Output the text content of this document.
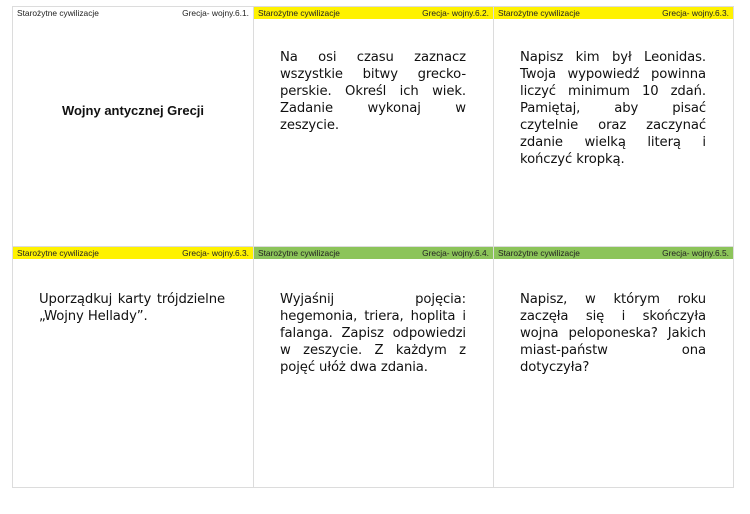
Starożytne cywilizacje	Grecja- wojny.6.1.
Wojny antycznej Grecji
Starożytne cywilizacje	Grecja- wojny.6.2.
Na osi czasu zaznacz wszystkie bitwy grecko-perskie. Określ ich wiek. Zadanie wykonaj w zeszycie.
Starożytne cywilizacje	Grecja- wojny.6.3.
Napisz kim był Leonidas. Twoja wypowiedź powinna liczyć minimum 10 zdań. Pamiętaj, aby pisać czytelnie oraz zaczynać zdanie wielką literą i kończyć kropką.
Starożytne cywilizacje	Grecja- wojny.6.3.
Uporządkuj karty trójdzielne „Wojny Hellady”.
Starożytne cywilizacje	Grecja- wojny.6.4.
Wyjaśnij pojęcia: hegemonia, triera, hoplita i falanga. Zapisz odpowiedzi w zeszycie. Z każdym z pojęć ułóż dwa zdania.
Starożytne cywilizacje	Grecja- wojny.6.5.
Napisz, w którym roku zaczęła się i skończyła wojna peloponeska? Jakich miast-państw ona dotyczyła?
